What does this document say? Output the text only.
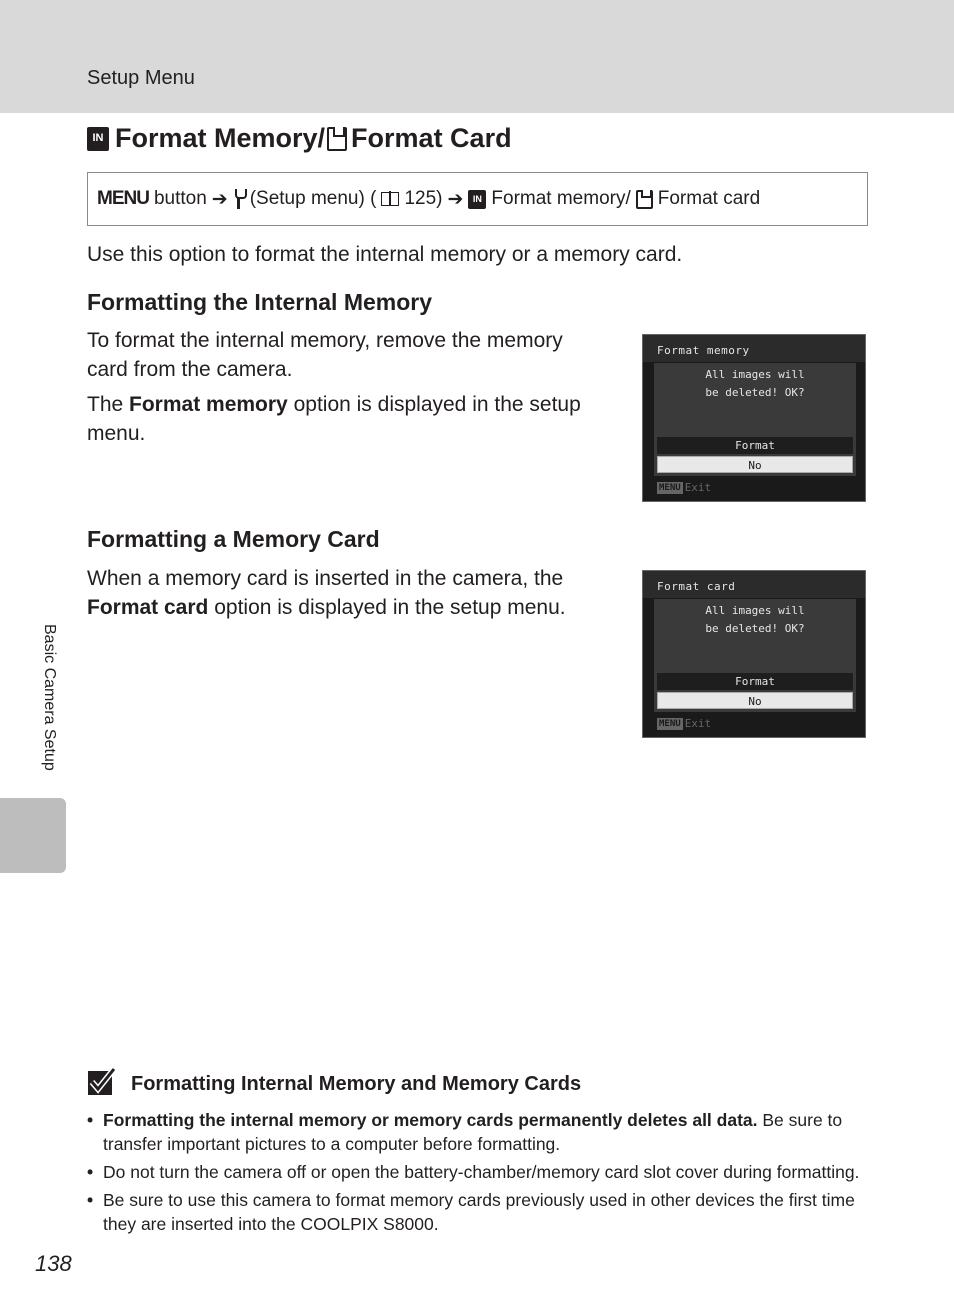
Setup Menu
IN Format Memory/ Format Card
MENU button ➔ (Setup menu) ( 125) ➔	IN Format memory/ Format card

Use this option to format the internal memory or a memory card.

Formatting the Internal Memory

To format the internal memory, remove the memory card from the camera.

The Format memory option is displayed in the setup menu.

Format memory
All images will
be deleted! OK?
Format
No
MENU Exit
Formatting a Memory Card

When a memory card is inserted in the camera, the Format card option is displayed in the setup menu.

Format card
All images will
be deleted! OK?
Format
No
MENU Exit
Basic Camera Setup
Formatting Internal Memory and Memory Cards
• Formatting the internal memory or memory cards permanently deletes all data. Be sure to transfer important pictures to a computer before formatting.
• Do not turn the camera off or open the battery-chamber/memory card slot cover during formatting.
• Be sure to use this camera to format memory cards previously used in other devices the first time they are inserted into the COOLPIX S8000.
138
